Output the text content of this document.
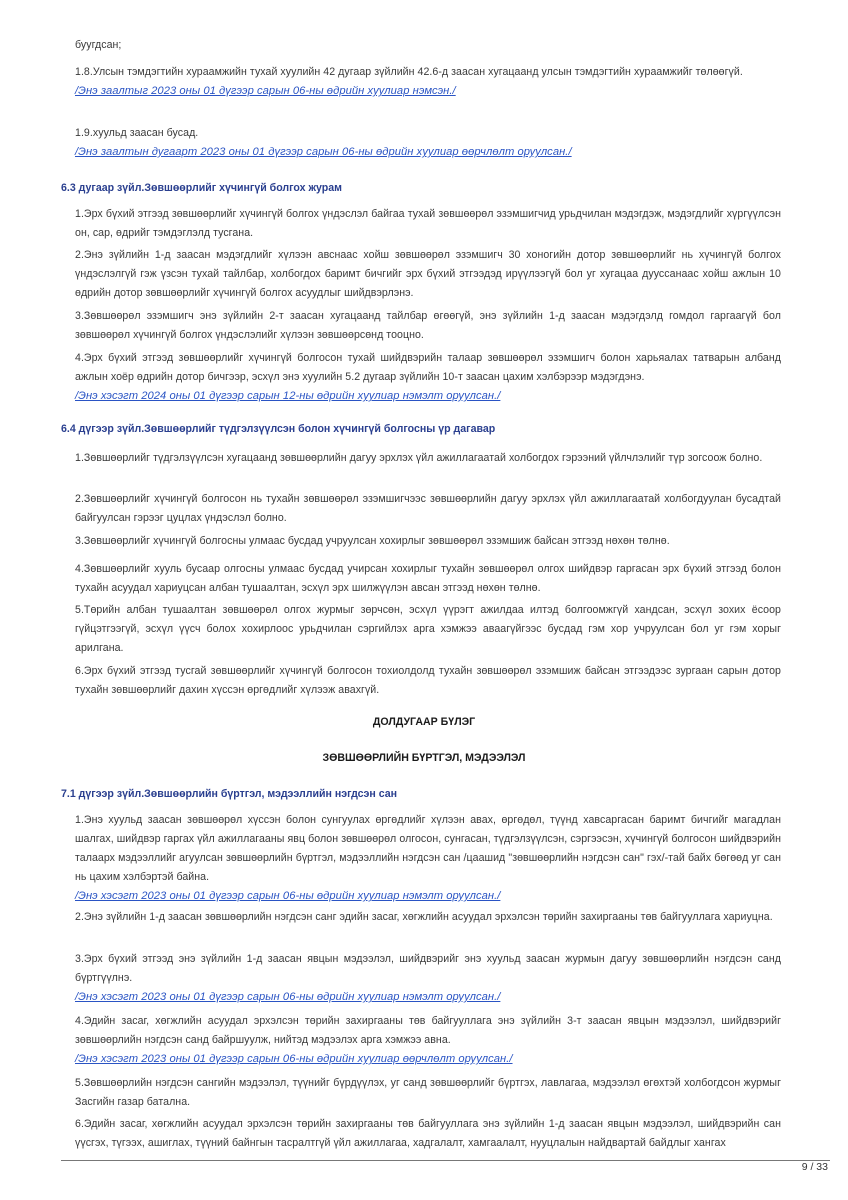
буугдсан;
1.8.Улсын тэмдэгтийн хураамжийн тухай хуулийн 42 дугаар зүйлийн 42.6-д заасан хугацаанд улсын тэмдэгтийн хураамжийг төлөөгүй.
/Энэ заалтыг 2023 оны 01 дүгээр сарын 06-ны өдрийн хуулиар нэмсэн./
1.9.хуульд заасан бусад.
/Энэ заалтын дугаарт 2023 оны 01 дүгээр сарын 06-ны өдрийн хуулиар өөрчлөлт оруулсан./
6.3 дугаар зүйл.Зөвшөөрлийг хүчингүй болгох журам
1.Эрх бүхий этгээд зөвшөөрлийг хүчингүй болгох үндэслэл байгаа тухай зөвшөөрөл эзэмшигчид урьдчилан мэдэгдэж, мэдэгдлийг хүргүүлсэн он, сар, өдрийг тэмдэглэлд тусгана.
2.Энэ зүйлийн 1-д заасан мэдэгдлийг хүлээн авснаас хойш зөвшөөрөл эзэмшигч 30 хоногийн дотор зөвшөөрлийг нь хүчингүй болгох үндэслэлгүй гэж үзсэн тухай тайлбар, холбогдох баримт бичгийг эрх бүхий этгээдэд ирүүлээгүй бол уг хугацаа дууссанаас хойш ажлын 10 өдрийн дотор зөвшөөрлийг хүчингүй болгох асуудлыг шийдвэрлэнэ.
3.Зөвшөөрөл эзэмшигч энэ зүйлийн 2-т заасан хугацаанд тайлбар өгөөгүй, энэ зүйлийн 1-д заасан мэдэгдэлд гомдол гаргаагүй бол зөвшөөрөл хүчингүй болгох үндэслэлийг хүлээн зөвшөөрсөнд тооцно.
4.Эрх бүхий этгээд зөвшөөрлийг хүчингүй болгосон тухай шийдвэрийн талаар зөвшөөрөл эзэмшигч болон харьяалах татварын албанд ажлын хоёр өдрийн дотор бичгээр, эсхүл энэ хуулийн 5.2 дугаар зүйлийн 10-т заасан цахим хэлбэрээр мэдэгдэнэ.
/Энэ хэсэгт 2024 оны 01 дүгээр сарын 12-ны өдрийн хуулиар нэмэлт оруулсан./
6.4 дүгээр зүйл.Зөвшөөрлийг түдгэлзүүлсэн болон хүчингүй болгосны үр дагавар
1.Зөвшөөрлийг түдгэлзүүлсэн хугацаанд зөвшөөрлийн дагуу эрхлэх үйл ажиллагаатай холбогдох гэрээний үйлчлэлийг түр зогсоож болно.
2.Зөвшөөрлийг хүчингүй болгосон нь тухайн зөвшөөрөл эзэмшигчээс зөвшөөрлийн дагуу эрхлэх үйл ажиллагаатай холбогдуулан бусадтай байгуулсан гэрээг цуцлах үндэслэл болно.
3.Зөвшөөрлийг хүчингүй болгосны улмаас бусдад учруулсан хохирлыг зөвшөөрөл эзэмшиж байсан этгээд нөхөн төлнө.
4.Зөвшөөрлийг хууль бусаар олгосны улмаас бусдад учирсан хохирлыг тухайн зөвшөөрөл олгох шийдвэр гаргасан эрх бүхий этгээд болон тухайн асуудал хариуцсан албан тушаалтан, эсхүл эрх шилжүүлэн авсан этгээд нөхөн төлнө.
5.Төрийн албан тушаалтан зөвшөөрөл олгох журмыг зөрчсөн, эсхүл үүрэгт ажилдаа илтэд болгоомжгүй хандсан, эсхүл зохих ёсоор гүйцэтгээгүй, эсхүл үүсч болох хохирлоос урьдчилан сэргийлэх арга хэмжээ аваагүйгээс бусдад гэм хор учруулсан бол уг гэм хорыг арилгана.
6.Эрх бүхий этгээд тусгай зөвшөөрлийг хүчингүй болгосон тохиолдолд тухайн зөвшөөрөл эзэмшиж байсан этгээдээс зургаан сарын дотор тухайн зөвшөөрлийг дахин хүссэн өргөдлийг хүлээж авахгүй.
ДОЛДУГААР БҮЛЭГ
ЗӨВШӨӨРЛИЙН БҮРТГЭЛ, МЭДЭЭЛЭЛ
7.1 дүгээр зүйл.Зөвшөөрлийн бүртгэл, мэдээллийн нэгдсэн сан
1.Энэ хуульд заасан зөвшөөрөл хүссэн болон сунгуулах өргөдлийг хүлээн авах, өргөдөл, түүнд хавсаргасан баримт бичгийг магадлан шалгах, шийдвэр гаргах үйл ажиллагааны явц болон зөвшөөрөл олгосон, сунгасан, түдгэлзүүлсэн, сэргээсэн, хүчингүй болгосон шийдвэрийн талаарх мэдээллийг агуулсан зөвшөөрлийн бүртгэл, мэдээллийн нэгдсэн сан /цаашид "зөвшөөрлийн нэгдсэн сан" гэх/-тай байх бөгөөд уг сан нь цахим хэлбэртэй байна.
/Энэ хэсэгт 2023 оны 01 дүгээр сарын 06-ны өдрийн хуулиар нэмэлт оруулсан./
2.Энэ зүйлийн 1-д заасан зөвшөөрлийн нэгдсэн санг эдийн засаг, хөгжлийн асуудал эрхэлсэн төрийн захиргааны төв байгууллага хариуцна.
3.Эрх бүхий этгээд энэ зүйлийн 1-д заасан явцын мэдээлэл, шийдвэрийг энэ хуульд заасан журмын дагуу зөвшөөрлийн нэгдсэн санд бүртгүүлнэ.
/Энэ хэсэгт 2023 оны 01 дүгээр сарын 06-ны өдрийн хуулиар нэмэлт оруулсан./
4.Эдийн засаг, хөгжлийн асуудал эрхэлсэн төрийн захиргааны төв байгууллага энэ зүйлийн 3-т заасан явцын мэдээлэл, шийдвэрийг зөвшөөрлийн нэгдсэн санд байршуулж, нийтэд мэдээлэх арга хэмжээ авна.
/Энэ хэсэгт 2023 оны 01 дүгээр сарын 06-ны өдрийн хуулиар өөрчлөлт оруулсан./
5.Зөвшөөрлийн нэгдсэн сангийн мэдээлэл, түүнийг бүрдүүлэх, уг санд зөвшөөрлийг бүртгэх, лавлагаа, мэдээлэл өгөхтэй холбогдсон журмыг Засгийн газар батална.
6.Эдийн засаг, хөгжлийн асуудал эрхэлсэн төрийн захиргааны төв байгууллага энэ зүйлийн 1-д заасан явцын мэдээлэл, шийдвэрийн сан үүсгэх, түгээх, ашиглах, түүний байнгын тасралтгүй үйл ажиллагаа, хадгалалт, хамгаалалт, нууцлалын найдвартай байдлыг хангах
9 / 33
